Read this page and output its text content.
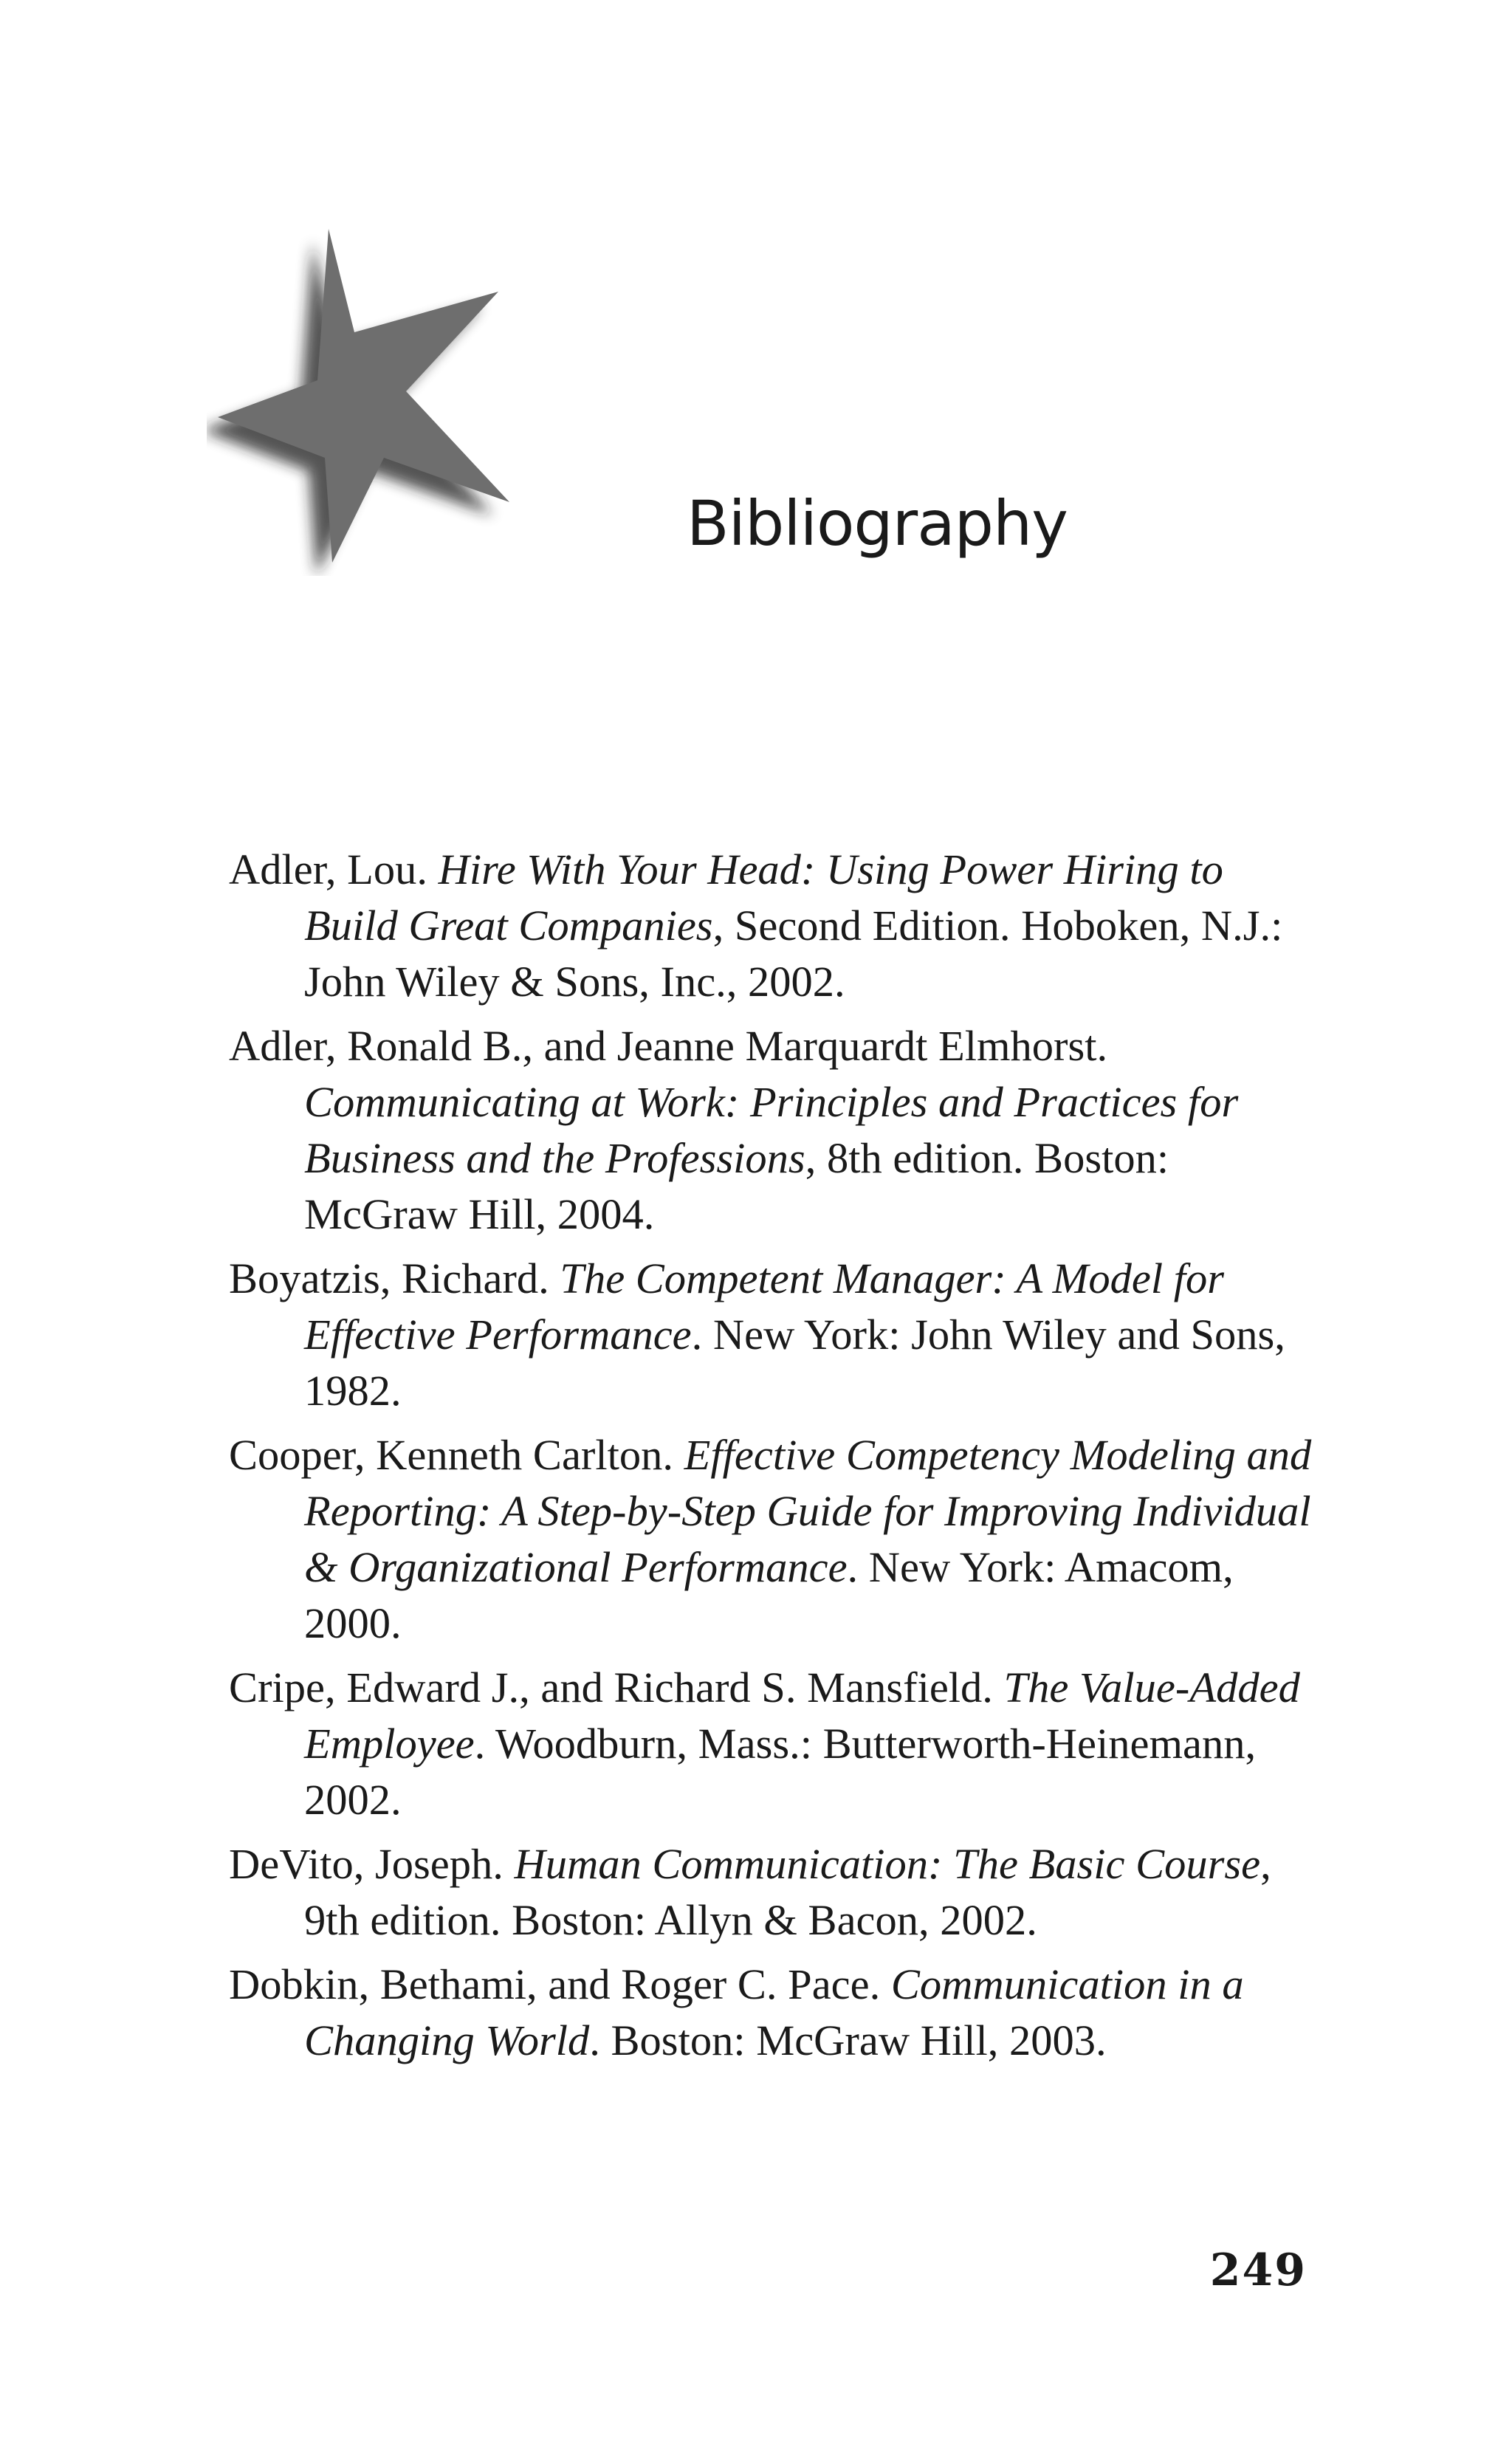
Bibliography

Adler, Lou. Hire With Your Head: Using Power Hiring to Build Great Companies, Second Edition. Hoboken, N.J.: John Wiley & Sons, Inc., 2002.

Adler, Ronald B., and Jeanne Marquardt Elmhorst. Communicating at Work: Principles and Practices for Business and the Professions, 8th edition. Boston: McGraw Hill, 2004.

Boyatzis, Richard. The Competent Manager: A Model for Effective Performance. New York: John Wiley and Sons, 1982.

Cooper, Kenneth Carlton. Effective Competency Modeling and Reporting: A Step-by-Step Guide for Improving Individual & Organizational Performance. New York: Amacom, 2000.

Cripe, Edward J., and Richard S. Mansfield. The Value-Added Employee. Woodburn, Mass.: Butterworth-Heinemann, 2002.

DeVito, Joseph. Human Communication: The Basic Course, 9th edition. Boston: Allyn & Bacon, 2002.

Dobkin, Bethami, and Roger C. Pace. Communication in a Changing World. Boston: McGraw Hill, 2003.

249
